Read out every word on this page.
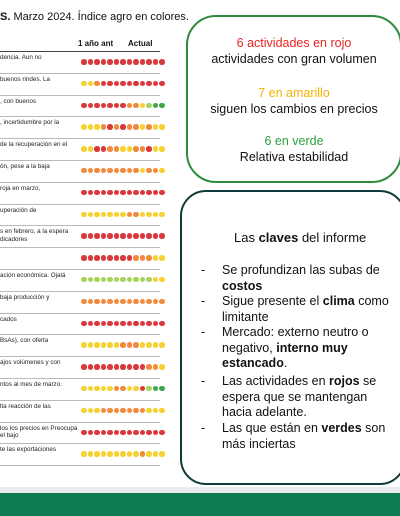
S. Marzo 2024. Índice agro en colores.
1 año ant Actual
dencia. Aun no
buenos rindes. La
, con buenos
, incertidumbre por la
de la recuperación en el
ón, pese a la baja
roja en marzo,
uperación de
s en febrero, a la espera dicadores
ación económica. Ojalá
baja producción y
cados
BsAs), con oferta
ajos volúmenes y con
ntos al mes de marzo.
lta reacción de las
los los precios en Preocupa el bajo
te las exportaciones
6 actividades en rojo
actividades con gran volumen
7 en amarillo
siguen los cambios en precios
6 en verde
Relativa estabilidad
Las claves del informe
- Se profundizan las subas de costos
- Sigue presente el clima como limitante
- Mercado: externo neutro o negativo, interno muy estancado.
- Las actividades en rojos se espera que se mantengan hacia adelante.
- Las que están en verdes son más inciertas
